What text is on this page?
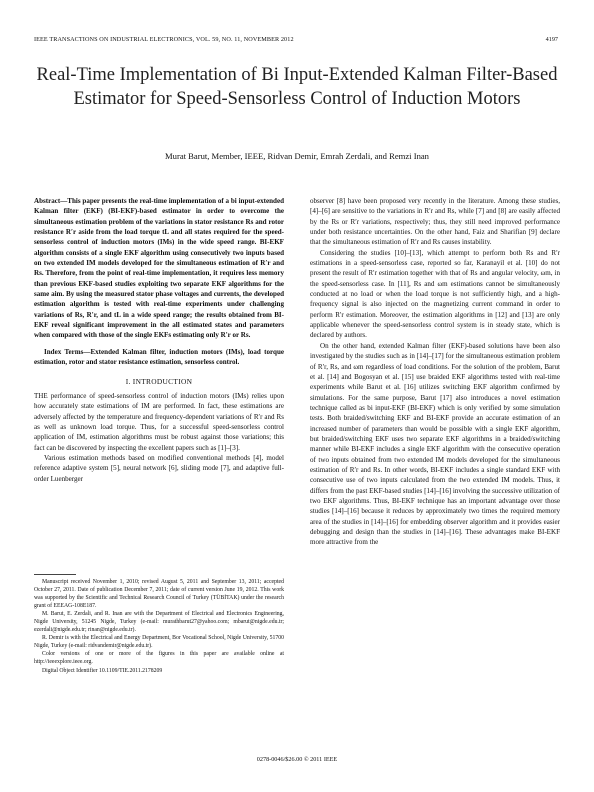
IEEE TRANSACTIONS ON INDUSTRIAL ELECTRONICS, VOL. 59, NO. 11, NOVEMBER 2012	4197
Real-Time Implementation of Bi Input-Extended Kalman Filter-Based Estimator for Speed-Sensorless Control of Induction Motors
Murat Barut, Member, IEEE, Ridvan Demir, Emrah Zerdali, and Remzi Inan

Abstract—This paper presents the real-time implementation of a bi input-extended Kalman filter (EKF) (BI-EKF)-based estimator in order to overcome the simultaneous estimation problem of the variations in stator resistance Rs and rotor resistance R′r aside from the load torque tL and all states required for the speed-sensorless control of induction motors (IMs) in the wide speed range. BI-EKF algorithm consists of a single EKF algorithm using consecutively two inputs based on two extended IM models developed for the simultaneous estimation of R′r and Rs. Therefore, from the point of real-time implementation, it requires less memory than previous EKF-based studies exploiting two separate EKF algorithms for the same aim. By using the measured stator phase voltages and currents, the developed estimation algorithm is tested with real-time experiments under challenging variations of Rs, R′r, and tL in a wide speed range; the results obtained from BI-EKF reveal significant improvement in the all estimated states and parameters when compared with those of the single EKFs estimating only R′r or Rs.

Index Terms—Extended Kalman filter, induction motors (IMs), load torque estimation, rotor and stator resistance estimation, sensorless control.

I. INTRODUCTION

THE performance of speed-sensorless control of induction motors (IMs) relies upon how accurately state estimations of IM are performed. In fact, these estimations are adversely affected by the temperature and frequency-dependent variations of R′r and Rs as well as unknown load torque. Thus, for a successful speed-sensorless control application of IM, estimation algorithms must be robust against those variations; this fact can be discovered by inspecting the excellent papers such as [1]–[3].

Various estimation methods based on modified conventional methods [4], model reference adaptive system [5], neural network [6], sliding mode [7], and adaptive full-order Luenberger

Manuscript received November 1, 2010; revised August 5, 2011 and September 13, 2011; accepted October 27, 2011. Date of publication December 7, 2011; date of current version June 19, 2012. This work was supported by the Scientific and Technical Research Council of Turkey (TÜBİTAK) under the research grant of EEEAG-108E187.

M. Barut, E. Zerdali, and R. Inan are with the Department of Electrical and Electronics Engineering, Nigde University, 51245 Nigde, Turkey (e-mail: murathbarut27@yahoo.com; mbarut@nigde.edu.tr; ezerdali@nigde.edu.tr; rinan@nigde.edu.tr).

R. Demir is with the Electrical and Energy Department, Bor Vocational School, Nigde University, 51700 Nigde, Turkey (e-mail: ridvandemir@nigde.edu.tr).

Color versions of one or more of the figures in this paper are available online at http://ieeexplore.ieee.org.

Digital Object Identifier 10.1109/TIE.2011.2178209

observer [8] have been proposed very recently in the literature. Among these studies, [4]–[6] are sensitive to the variations in R′r and Rs, while [7] and [8] are easily affected by the Rs or R′r variations, respectively; thus, they still need improved performance under both resistance uncertainties. On the other hand, Faiz and Sharifian [9] declare that the simultaneous estimation of R′r and Rs causes instability.

Considering the studies [10]–[13], which attempt to perform both Rs and R′r estimations in a speed-sensorless case, reported so far, Karanayil et al. [10] do not present the result of R′r estimation together with that of Rs and angular velocity, ωm, in the speed-sensorless case. In [11], Rs and ωm estimations cannot be simultaneously conducted at no load or when the load torque is not sufficiently high, and a high-frequency signal is also injected on the magnetizing current command in order to perform R′r estimation. Moreover, the estimation algorithms in [12] and [13] are only applicable whenever the speed-sensorless control system is in steady state, which is declared by authors.

On the other hand, extended Kalman filter (EKF)-based solutions have been also investigated by the studies such as in [14]–[17] for the simultaneous estimation problem of R′r, Rs, and ωm regardless of load conditions. For the solution of the problem, Barut et al. [14] and Bogosyan et al. [15] use braided EKF algorithms tested with real-time experiments while Barut et al. [16] utilizes switching EKF algorithm confirmed by simulations. For the same purpose, Barut [17] also introduces a novel estimation technique called as bi input-EKF (BI-EKF) which is only verified by some simulation tests. Both braided/switching EKF and BI-EKF provide an accurate estimation of an increased number of parameters than would be possible with a single EKF algorithm, but braided/switching EKF uses two separate EKF algorithms in a braided/switching manner while BI-EKF includes a single EKF algorithm with the consecutive operation of two inputs obtained from two extended IM models developed for the simultaneous estimation of R′r and Rs. In other words, BI-EKF includes a single standard EKF with consecutive use of two inputs calculated from the two extended IM models. Thus, it differs from the past EKF-based studies [14]–[16] involving the successive utilization of two EKF algorithms. Thus, BI-EKF technique has an important advantage over those studies [14]–[16] because it reduces by approximately two times the required memory area of the studies in [14]–[16] for embedding observer algorithm and it provides easier debugging and design than the studies in [14]–[16]. These advantages make BI-EKF more attractive from the

0278-0046/$26.00 © 2011 IEEE
